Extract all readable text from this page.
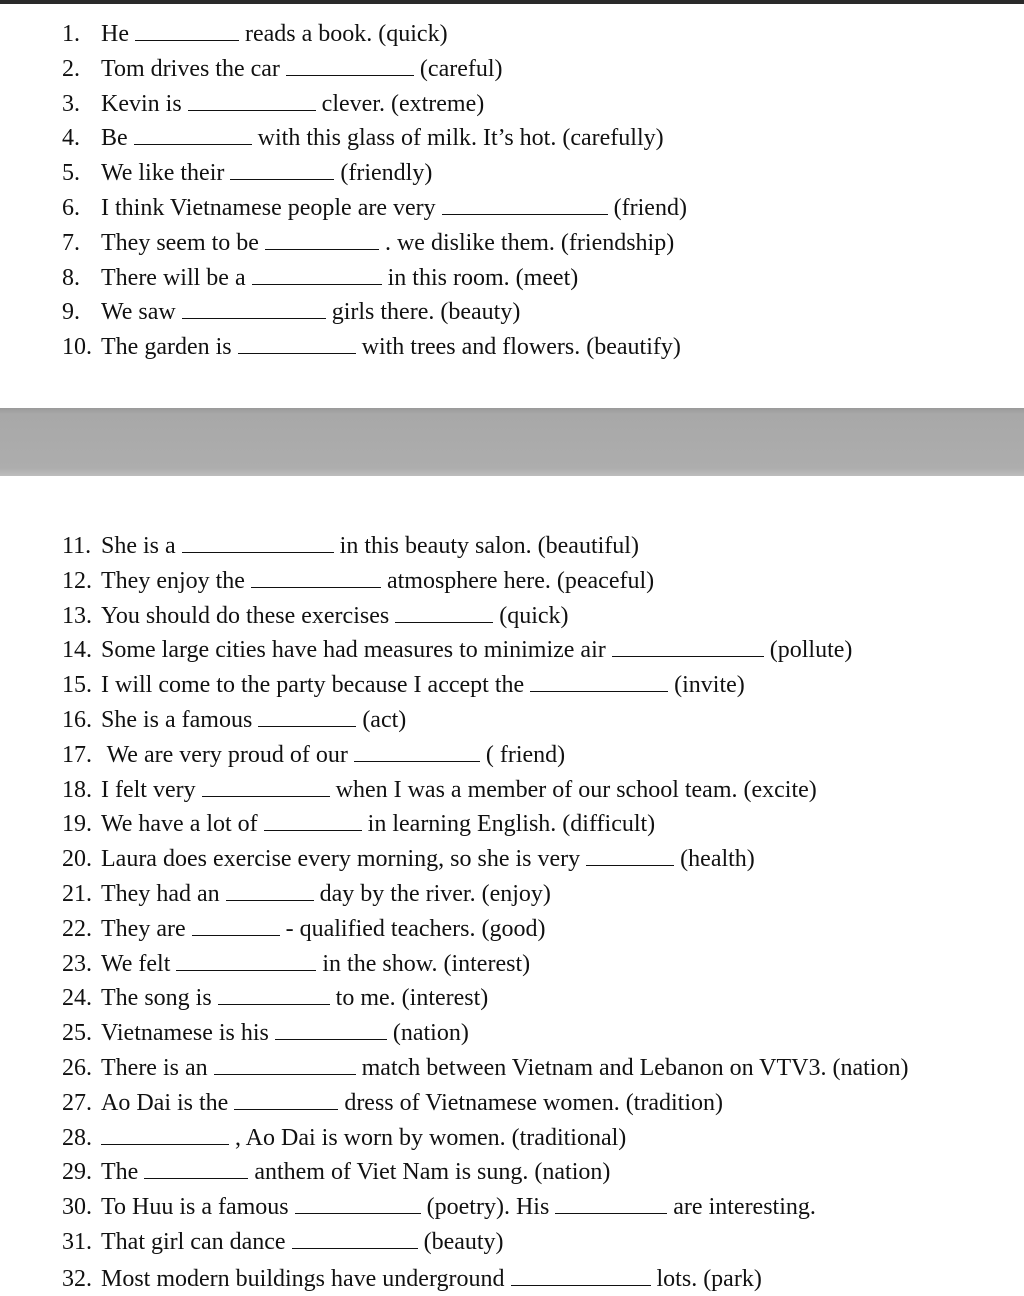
32. Most modern buildings have underground	lots. (park)
1. He	reads a book. (quick)
2. Tom drives the car	(careful)
3. Kevin is	clever. (extreme)
4. Be	with this glass of milk. It’s hot. (carefully)
5. We like their	(friendly)
6. I think Vietnamese people are very	(friend)
7. They seem to be	. we dislike them. (friendship)
8. There will be a	in this room. (meet)
9. We saw	girls there. (beauty)
10. The garden is	with trees and flowers. (beautify)
11. She is a	in this beauty salon. (beautiful)
12. They enjoy the	atmosphere here. (peaceful)
13. You should do these exercises	(quick)
14. Some large cities have had measures to minimize air	(pollute)
15. I will come to the party because I accept the	(invite)
16. She is a famous	(act)
17. We are very proud of our	( friend)
18. I felt very	when I was a member of our school team. (excite)
19. We have a lot of	in learning English. (difficult)
20. Laura does exercise every morning, so she is very	(health)
21. They had an	day by the river. (enjoy)
22. They are	- qualified teachers. (good)
23. We felt	in the show. (interest)
24. The song is	to me. (interest)
25. Vietnamese is his	(nation)
26. There is an	match between Vietnam and Lebanon on VTV3. (nation)
27. Ao Dai is the	dress of Vietnamese women. (tradition)
28.	, Ao Dai is worn by women. (traditional)
29. The	anthem of Viet Nam is sung. (nation)
30. To Huu is a famous	(poetry). His	are interesting.
31. That girl can dance	(beauty)
